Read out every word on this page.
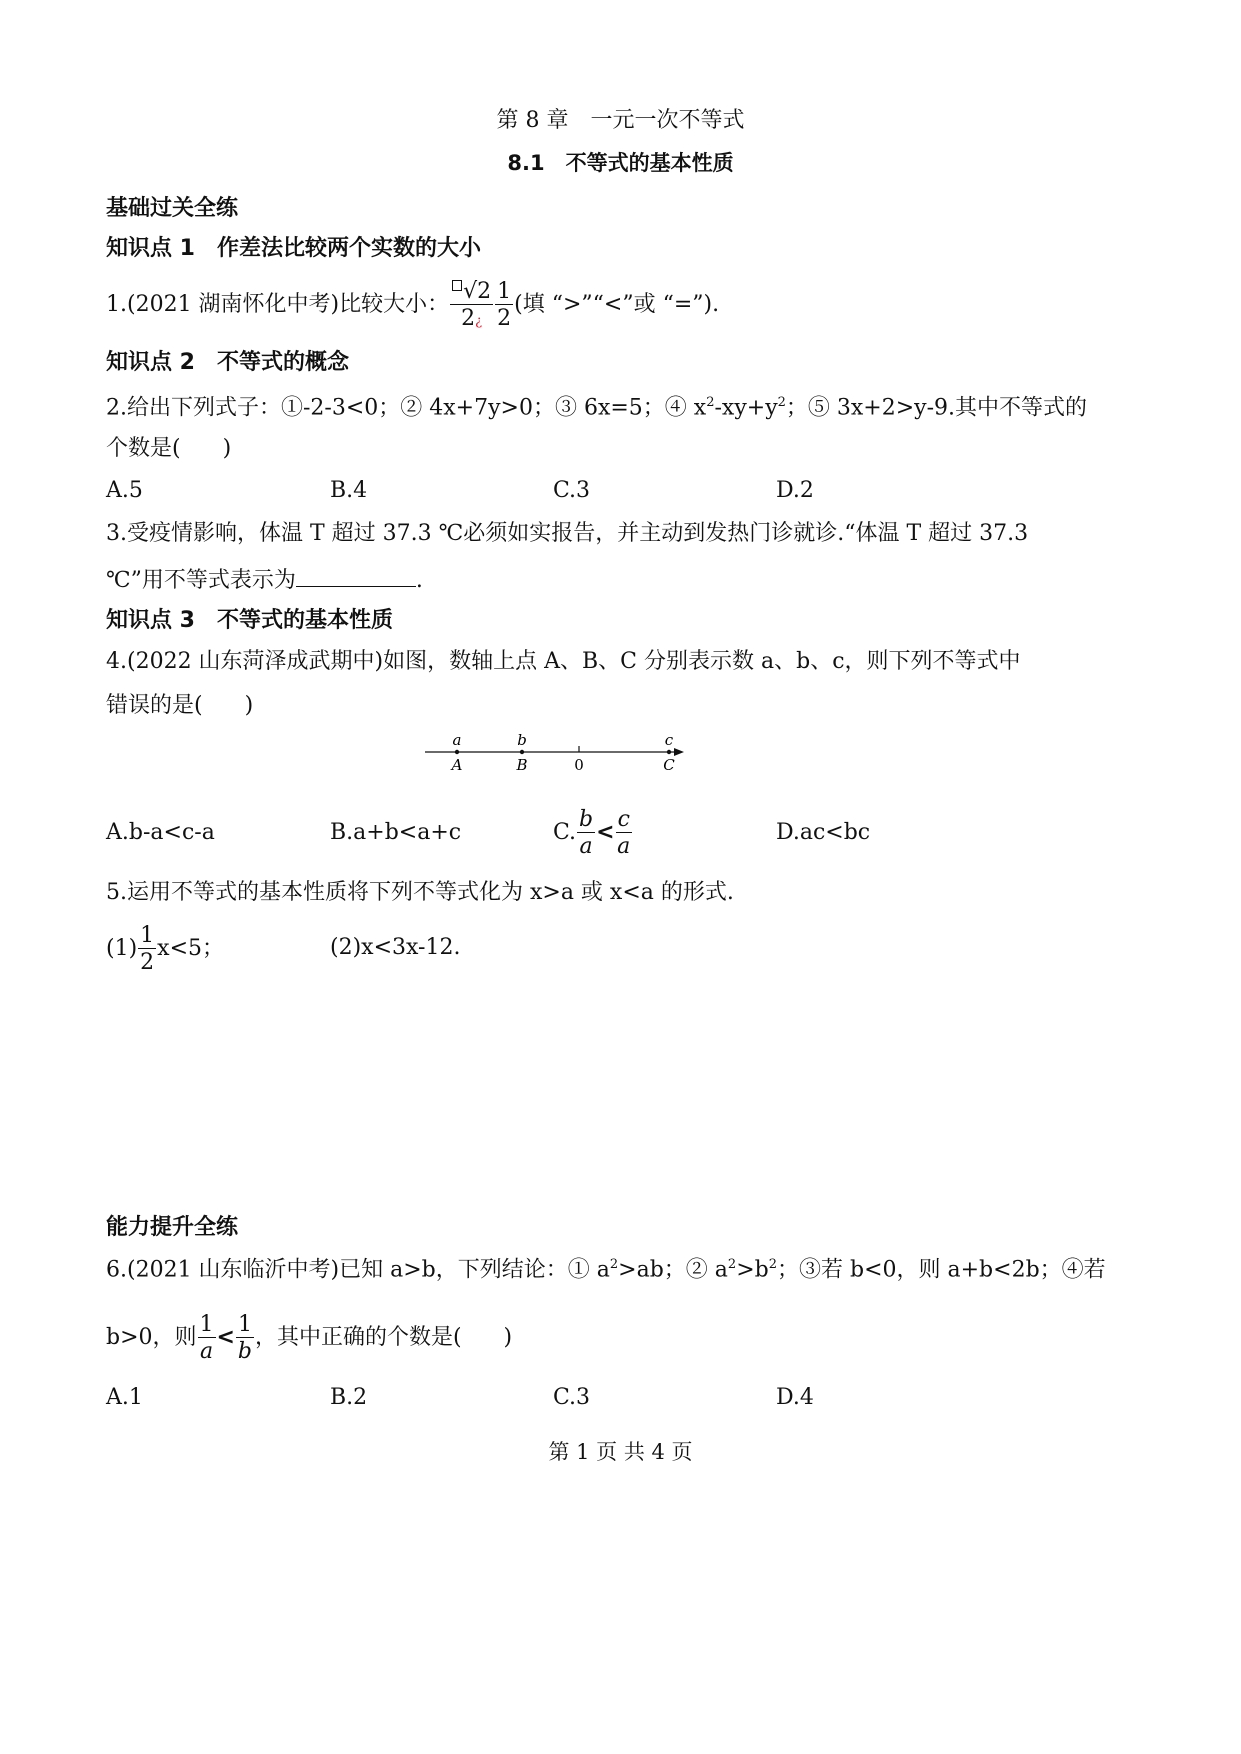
第 8 章　一元一次不等式
8.1　不等式的基本性质
基础过关全练
知识点 1　作差法比较两个实数的大小
1.(2021 湖南怀化中考)比较大小： $\frac{√2}{2¿} \frac{1}{2}$ (填 “>”“<”或 “=”).
知识点 2　不等式的概念
2.给出下列式子：①-2-3<0；② 4x+7y>0；③ 6x=5；④ $x^2-xy+y^2$；⑤ 3x+2>y-9.其中不等式的
个数是( )
A.5	B.4	C.3	D.2
3.受疫情影响，体温 T 超过 37.3 ℃必须如实报告，并主动到发热门诊就诊.“体温 T 超过 37.3
℃”用不等式表示为	.
知识点 3　不等式的基本性质
4.(2022 山东菏泽成武期中)如图，数轴上点 A、B、C 分别表示数 a、b、c，则下列不等式中
错误的是( )
a	b	c
A	B	0	C
A.b-a<c-a	B.a+b<a+c	C. $\frac{b}{a} < \frac{c}{a}$	D.ac<bc
5.运用不等式的基本性质将下列不等式化为 x>a 或 x<a 的形式.
$(1) \frac{1}{2} x<5$；	(2)x<3x-12.
能力提升全练
6.(2021 山东临沂中考)已知 a>b，下列结论：① $a^2>ab$；② $a^2>b^2$；③若 b<0，则 a+b<2b；④若
b>0，则 $\frac{1}{a} < \frac{1}{b}$ ，其中正确的个数是( )
A.1	B.2	C.3	D.4
第 1 页 共 4 页
